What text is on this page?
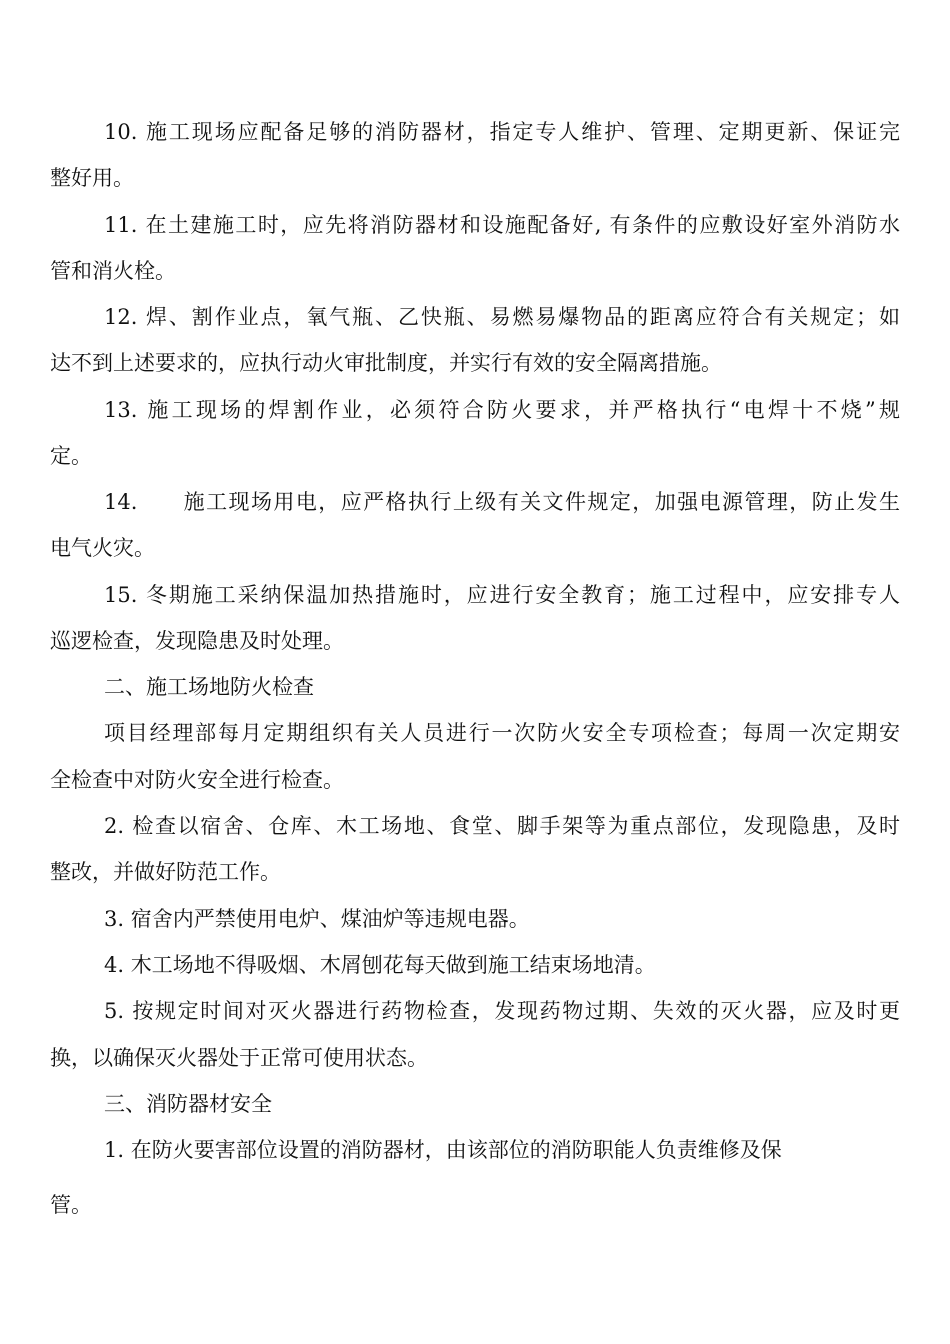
10. 施工现场应配备足够的消防器材，指定专人维护、管理、定期更新、保证完
整好用。
11. 在土建施工时，应先将消防器材和设施配备好, 有条件的应敷设好室外消防水
管和消火栓。
12. 焊、割作业点，氧气瓶、乙快瓶、易燃易爆物品的距离应符合有关规定；如
达不到上述要求的，应执行动火审批制度，并实行有效的安全隔离措施。
13. 施工现场的焊割作业，必须符合防火要求，并严格执行“电焊十不烧”规
定。
14.　　施工现场用电，应严格执行上级有关文件规定，加强电源管理，防止发生
电气火灾。
15. 冬期施工采纳保温加热措施时，应进行安全教育；施工过程中，应安排专人
巡逻检查，发现隐患及时处理。
二、施工场地防火检查
项目经理部每月定期组织有关人员进行一次防火安全专项检查；每周一次定期安
全检查中对防火安全进行检查。
2. 检查以宿舍、仓库、木工场地、食堂、脚手架等为重点部位，发现隐患，及时
整改，并做好防范工作。
3. 宿舍内严禁使用电炉、煤油炉等违规电器。
4. 木工场地不得吸烟、木屑刨花每天做到施工结束场地清。
5. 按规定时间对灭火器进行药物检查，发现药物过期、失效的灭火器，应及时更
换，以确保灭火器处于正常可使用状态。
三、消防器材安全
1. 在防火要害部位设置的消防器材，由该部位的消防职能人负责维修及保
管。
